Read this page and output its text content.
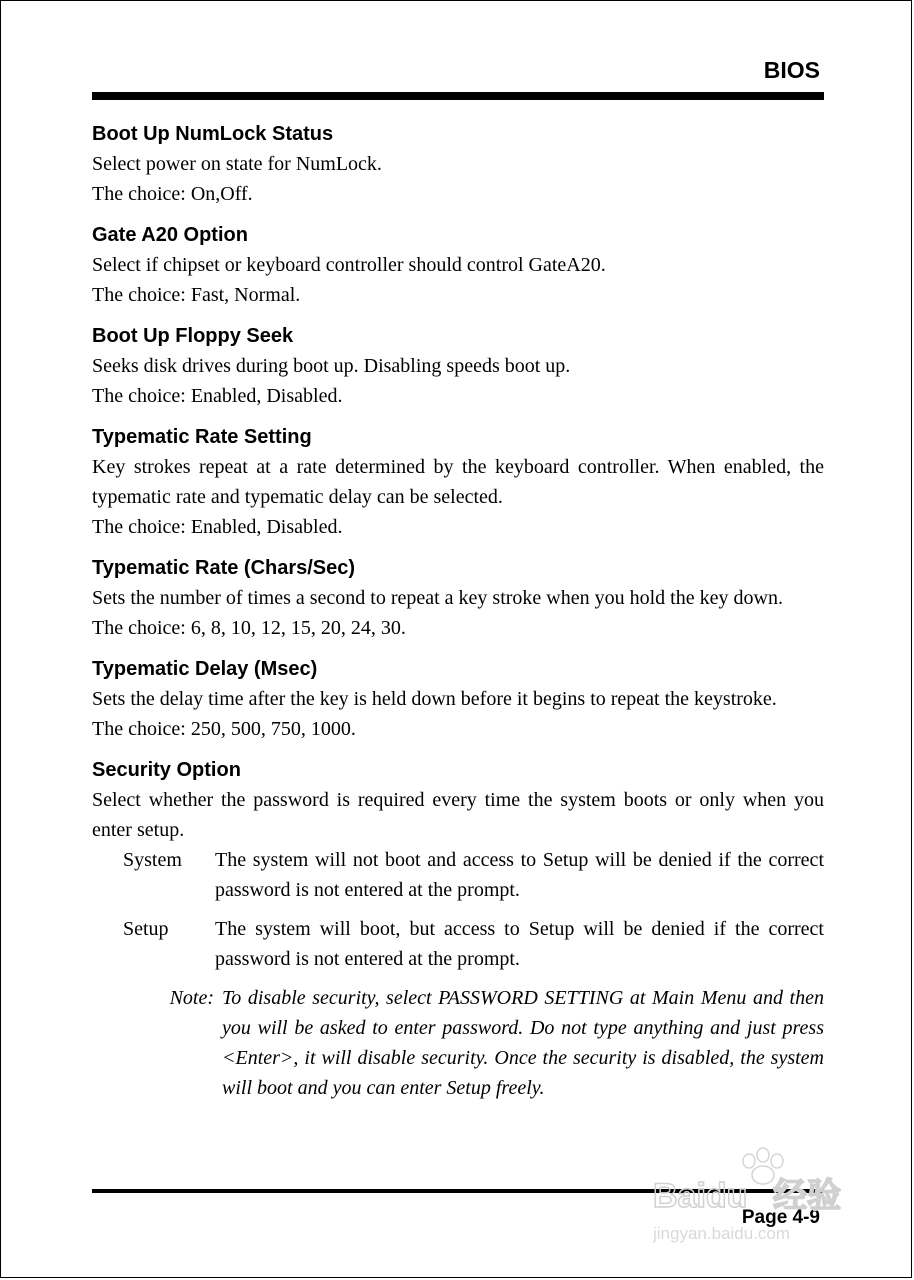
BIOS
Boot Up NumLock Status

Select power on state for NumLock.

The choice: On,Off.

Gate A20 Option

Select if chipset or keyboard controller should control GateA20.

The choice: Fast, Normal.

Boot Up Floppy Seek

Seeks disk drives during boot up. Disabling speeds boot up.

The choice: Enabled, Disabled.

Typematic Rate Setting

Key strokes repeat at a rate determined by the keyboard controller. When enabled, the typematic rate and typematic delay can be selected.

The choice: Enabled, Disabled.

Typematic Rate (Chars/Sec)

Sets the number of times a second to repeat a key stroke when you hold the key down.

The choice: 6, 8, 10, 12, 15, 20, 24, 30.

Typematic Delay (Msec)

Sets the delay time after the key is held down before it begins to repeat the keystroke.

The choice: 250, 500, 750, 1000.

Security Option

Select whether the password is required every time the system boots or only when you enter setup.

System	The system will not boot and access to Setup will be denied if the correct password is not entered at the prompt.
Setup	The system will boot, but access to Setup will be denied if the correct password is not entered at the prompt.
Note: To disable security, select PASSWORD SETTING at Main Menu and then you will be asked to enter password. Do not type anything and just press <Enter>, it will disable security. Once the security is disabled, the system will boot and you can enter Setup freely.
Page 4-9
Baidu 经验
jingyan.baidu.com
